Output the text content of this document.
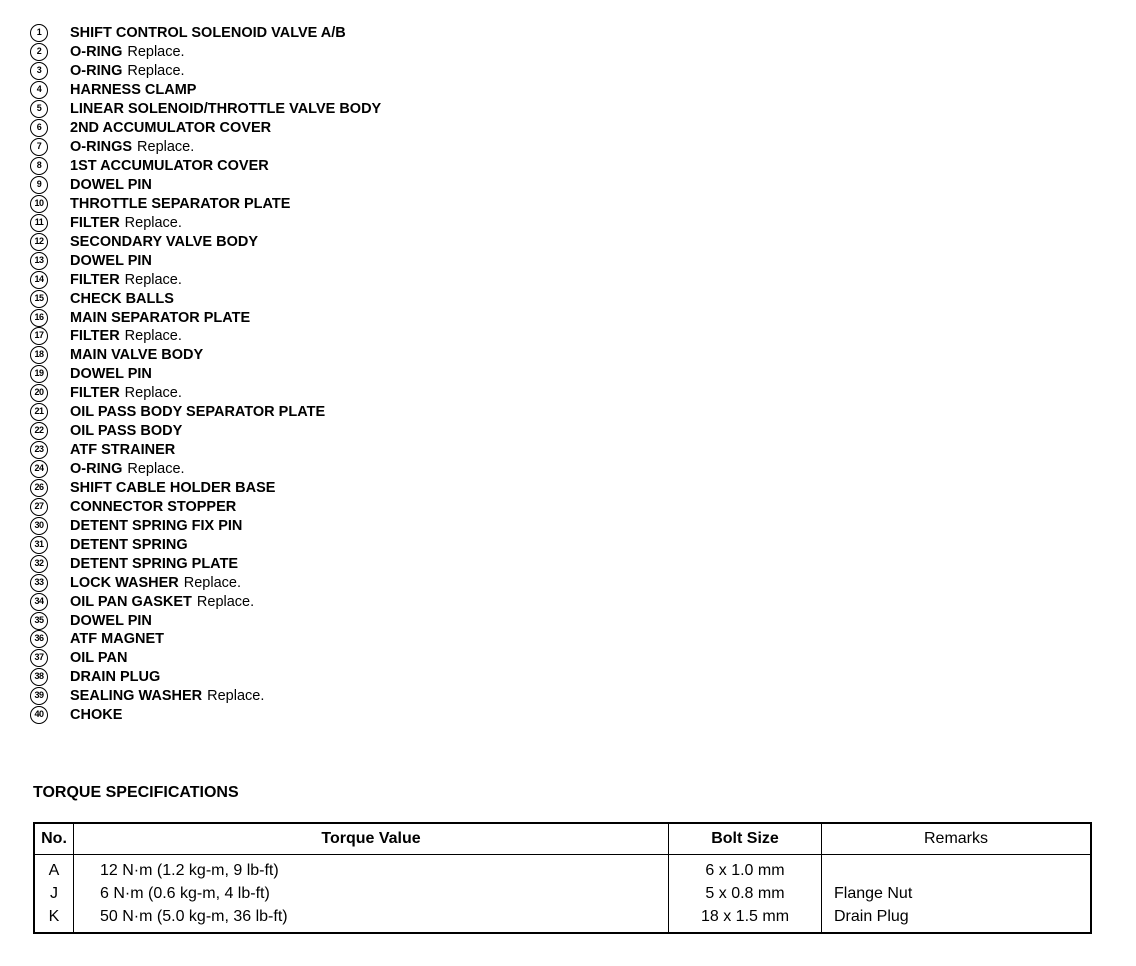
1	SHIFT CONTROL SOLENOID VALVE A/B
2	O-RING Replace.
3	O-RING Replace.
4	HARNESS CLAMP
5	LINEAR SOLENOID/THROTTLE VALVE BODY
6	2ND ACCUMULATOR COVER
7	O-RINGS Replace.
8	1ST ACCUMULATOR COVER
9	DOWEL PIN
10	THROTTLE SEPARATOR PLATE
11	FILTER Replace.
12	SECONDARY VALVE BODY
13	DOWEL PIN
14	FILTER Replace.
15	CHECK BALLS
16	MAIN SEPARATOR PLATE
17	FILTER Replace.
18	MAIN VALVE BODY
19	DOWEL PIN
20	FILTER Replace.
21	OIL PASS BODY SEPARATOR PLATE
22	OIL PASS BODY
23	ATF STRAINER
24	O-RING Replace.
26	SHIFT CABLE HOLDER BASE
27	CONNECTOR STOPPER
30	DETENT SPRING FIX PIN
31	DETENT SPRING
32	DETENT SPRING PLATE
33	LOCK WASHER Replace.
34	OIL PAN GASKET Replace.
35	DOWEL PIN
36	ATF MAGNET
37	OIL PAN
38	DRAIN PLUG
39	SEALING WASHER Replace.
40	CHOKE
TORQUE SPECIFICATIONS
No.	Torque Value	Bolt Size	Remarks
A	12 N·m (1.2 kg-m, 9 lb-ft)	6 x 1.0 mm	
J	6 N·m (0.6 kg-m, 4 lb-ft)	5 x 0.8 mm	Flange Nut
K	50 N·m (5.0 kg-m, 36 lb-ft)	18 x 1.5 mm	Drain Plug
